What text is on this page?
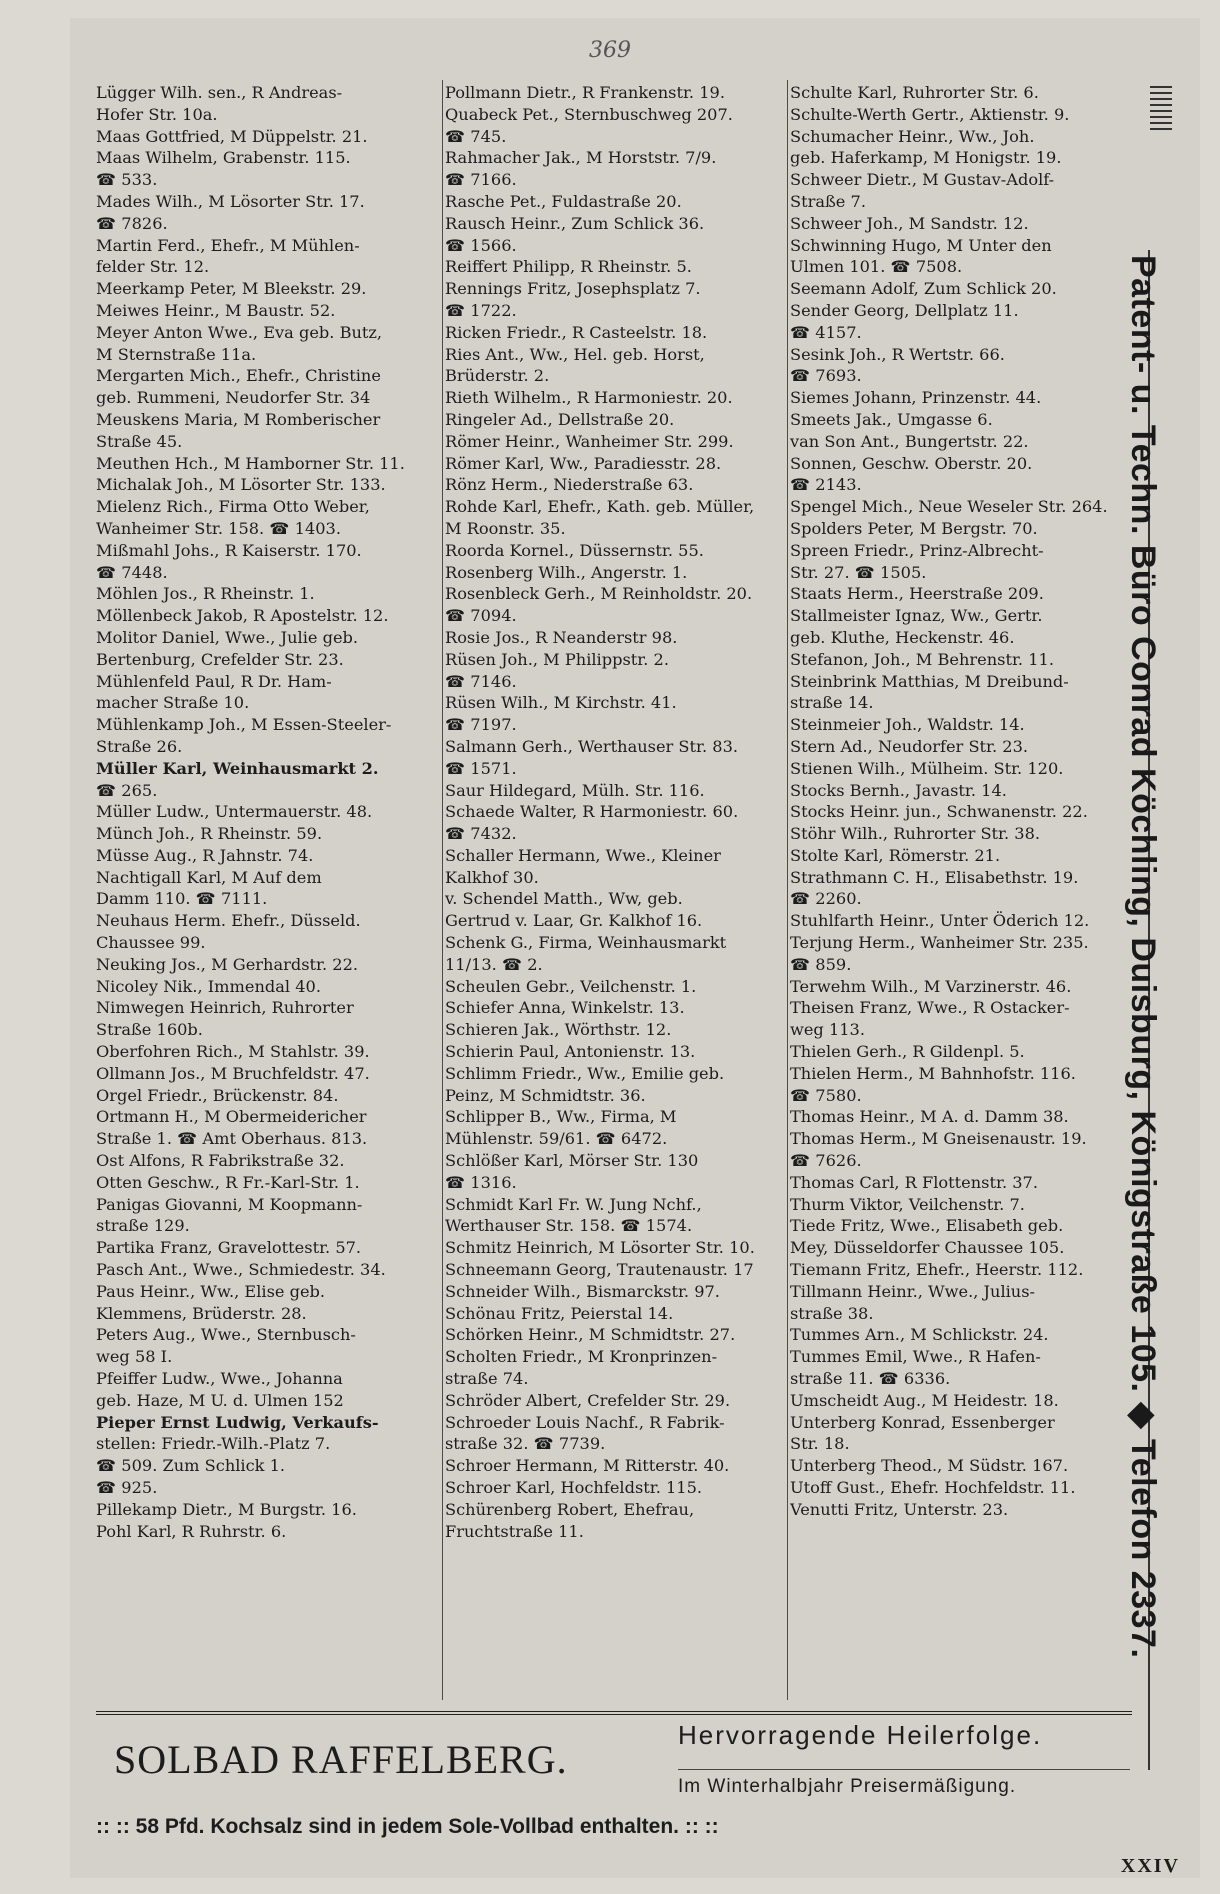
369
Lügger Wilh. sen., R Andreas-
Hofer Str. 10a.
Maas Gottfried, M Düppelstr. 21.
Maas Wilhelm, Grabenstr. 115.
☎ 533.
Mades Wilh., M Lösorter Str. 17.
☎ 7826.
Martin Ferd., Ehefr., M Mühlen-
felder Str. 12.
Meerkamp Peter, M Bleekstr. 29.
Meiwes Heinr., M Baustr. 52.
Meyer Anton Wwe., Eva geb. Butz,
M Sternstraße 11a.
Mergarten Mich., Ehefr., Christine
geb. Rummeni, Neudorfer Str. 34
Meuskens Maria, M Romberischer
Straße 45.
Meuthen Hch., M Hamborner Str. 11.
Michalak Joh., M Lösorter Str. 133.
Mielenz Rich., Firma Otto Weber,
Wanheimer Str. 158. ☎ 1403.
Mißmahl Johs., R Kaiserstr. 170.
☎ 7448.
Möhlen Jos., R Rheinstr. 1.
Möllenbeck Jakob, R Apostelstr. 12.
Molitor Daniel, Wwe., Julie geb.
Bertenburg, Crefelder Str. 23.
Mühlenfeld Paul, R Dr. Ham-
macher Straße 10.
Mühlenkamp Joh., M Essen-Steeler-
Straße 26.
Müller Karl, Weinhausmarkt 2.
☎ 265.
Müller Ludw., Untermauerstr. 48.
Münch Joh., R Rheinstr. 59.
Müsse Aug., R Jahnstr. 74.
Nachtigall Karl, M Auf dem
Damm 110. ☎ 7111.
Neuhaus Herm. Ehefr., Düsseld.
Chaussee 99.
Neuking Jos., M Gerhardstr. 22.
Nicoley Nik., Immendal 40.
Nimwegen Heinrich, Ruhrorter
Straße 160b.
Oberfohren Rich., M Stahlstr. 39.
Ollmann Jos., M Bruchfeldstr. 47.
Orgel Friedr., Brückenstr. 84.
Ortmann H., M Obermeidericher
Straße 1. ☎ Amt Oberhaus. 813.
Ost Alfons, R Fabrikstraße 32.
Otten Geschw., R Fr.-Karl-Str. 1.
Panigas Giovanni, M Koopmann-
straße 129.
Partika Franz, Gravelottestr. 57.
Pasch Ant., Wwe., Schmiedestr. 34.
Paus Heinr., Ww., Elise geb.
Klemmens, Brüderstr. 28.
Peters Aug., Wwe., Sternbusch-
weg 58 I.
Pfeiffer Ludw., Wwe., Johanna
geb. Haze, M U. d. Ulmen 152
Pieper Ernst Ludwig, Verkaufs-
stellen: Friedr.-Wilh.-Platz 7.
☎ 509. Zum Schlick 1.
☎ 925.
Pillekamp Dietr., M Burgstr. 16.
Pohl Karl, R Ruhrstr. 6.
Pollmann Dietr., R Frankenstr. 19.
Quabeck Pet., Sternbuschweg 207.
☎ 745.
Rahmacher Jak., M Horststr. 7/9.
☎ 7166.
Rasche Pet., Fuldastraße 20.
Rausch Heinr., Zum Schlick 36.
☎ 1566.
Reiffert Philipp, R Rheinstr. 5.
Rennings Fritz, Josephsplatz 7.
☎ 1722.
Ricken Friedr., R Casteelstr. 18.
Ries Ant., Ww., Hel. geb. Horst,
Brüderstr. 2.
Rieth Wilhelm., R Harmoniestr. 20.
Ringeler Ad., Dellstraße 20.
Römer Heinr., Wanheimer Str. 299.
Römer Karl, Ww., Paradiesstr. 28.
Rönz Herm., Niederstraße 63.
Rohde Karl, Ehefr., Kath. geb. Müller,
M Roonstr. 35.
Roorda Kornel., Düssernstr. 55.
Rosenberg Wilh., Angerstr. 1.
Rosenbleck Gerh., M Reinholdstr. 20.
☎ 7094.
Rosie Jos., R Neanderstr 98.
Rüsen Joh., M Philippstr. 2.
☎ 7146.
Rüsen Wilh., M Kirchstr. 41.
☎ 7197.
Salmann Gerh., Werthauser Str. 83.
☎ 1571.
Saur Hildegard, Mülh. Str. 116.
Schaede Walter, R Harmoniestr. 60.
☎ 7432.
Schaller Hermann, Wwe., Kleiner
Kalkhof 30.
v. Schendel Matth., Ww, geb.
Gertrud v. Laar, Gr. Kalkhof 16.
Schenk G., Firma, Weinhausmarkt
11/13. ☎ 2.
Scheulen Gebr., Veilchenstr. 1.
Schiefer Anna, Winkelstr. 13.
Schieren Jak., Wörthstr. 12.
Schierin Paul, Antonienstr. 13.
Schlimm Friedr., Ww., Emilie geb.
Peinz, M Schmidtstr. 36.
Schlipper B., Ww., Firma, M
Mühlenstr. 59/61. ☎ 6472.
Schlößer Karl, Mörser Str. 130
☎ 1316.
Schmidt Karl Fr. W. Jung Nchf.,
Werthauser Str. 158. ☎ 1574.
Schmitz Heinrich, M Lösorter Str. 10.
Schneemann Georg, Trautenaustr. 17
Schneider Wilh., Bismarckstr. 97.
Schönau Fritz, Peierstal 14.
Schörken Heinr., M Schmidtstr. 27.
Scholten Friedr., M Kronprinzen-
straße 74.
Schröder Albert, Crefelder Str. 29.
Schroeder Louis Nachf., R Fabrik-
straße 32. ☎ 7739.
Schroer Hermann, M Ritterstr. 40.
Schroer Karl, Hochfeldstr. 115.
Schürenberg Robert, Ehefrau,
Fruchtstraße 11.
Schulte Karl, Ruhrorter Str. 6.
Schulte-Werth Gertr., Aktienstr. 9.
Schumacher Heinr., Ww., Joh.
geb. Haferkamp, M Honigstr. 19.
Schweer Dietr., M Gustav-Adolf-
Straße 7.
Schweer Joh., M Sandstr. 12.
Schwinning Hugo, M Unter den
Ulmen 101. ☎ 7508.
Seemann Adolf, Zum Schlick 20.
Sender Georg, Dellplatz 11.
☎ 4157.
Sesink Joh., R Wertstr. 66.
☎ 7693.
Siemes Johann, Prinzenstr. 44.
Smeets Jak., Umgasse 6.
van Son Ant., Bungertstr. 22.
Sonnen, Geschw. Oberstr. 20.
☎ 2143.
Spengel Mich., Neue Weseler Str. 264.
Spolders Peter, M Bergstr. 70.
Spreen Friedr., Prinz-Albrecht-
Str. 27. ☎ 1505.
Staats Herm., Heerstraße 209.
Stallmeister Ignaz, Ww., Gertr.
geb. Kluthe, Heckenstr. 46.
Stefanon, Joh., M Behrenstr. 11.
Steinbrink Matthias, M Dreibund-
straße 14.
Steinmeier Joh., Waldstr. 14.
Stern Ad., Neudorfer Str. 23.
Stienen Wilh., Mülheim. Str. 120.
Stocks Bernh., Javastr. 14.
Stocks Heinr. jun., Schwanenstr. 22.
Stöhr Wilh., Ruhrorter Str. 38.
Stolte Karl, Römerstr. 21.
Strathmann C. H., Elisabethstr. 19.
☎ 2260.
Stuhlfarth Heinr., Unter Öderich 12.
Terjung Herm., Wanheimer Str. 235.
☎ 859.
Terwehm Wilh., M Varzinerstr. 46.
Theisen Franz, Wwe., R Ostacker-
weg 113.
Thielen Gerh., R Gildenpl. 5.
Thielen Herm., M Bahnhofstr. 116.
☎ 7580.
Thomas Heinr., M A. d. Damm 38.
Thomas Herm., M Gneisenaustr. 19.
☎ 7626.
Thomas Carl, R Flottenstr. 37.
Thurm Viktor, Veilchenstr. 7.
Tiede Fritz, Wwe., Elisabeth geb.
Mey, Düsseldorfer Chaussee 105.
Tiemann Fritz, Ehefr., Heerstr. 112.
Tillmann Heinr., Wwe., Julius-
straße 38.
Tummes Arn., M Schlickstr. 24.
Tummes Emil, Wwe., R Hafen-
straße 11. ☎ 6336.
Umscheidt Aug., M Heidestr. 18.
Unterberg Konrad, Essenberger
Str. 18.
Unterberg Theod., M Südstr. 167.
Utoff Gust., Ehefr. Hochfeldstr. 11.
Venutti Fritz, Unterstr. 23.	Patent- u. Techn. Büro Conrad Köchling, Duisburg, Königstraße 105. ◆ Telefon 2337.
SOLBAD RAFFELBERG.
Hervorragende Heilerfolge.
Im Winterhalbjahr Preisermäßigung.
:: :: 58 Pfd. Kochsalz sind in jedem Sole-Vollbad enthalten. :: ::
XXIV
